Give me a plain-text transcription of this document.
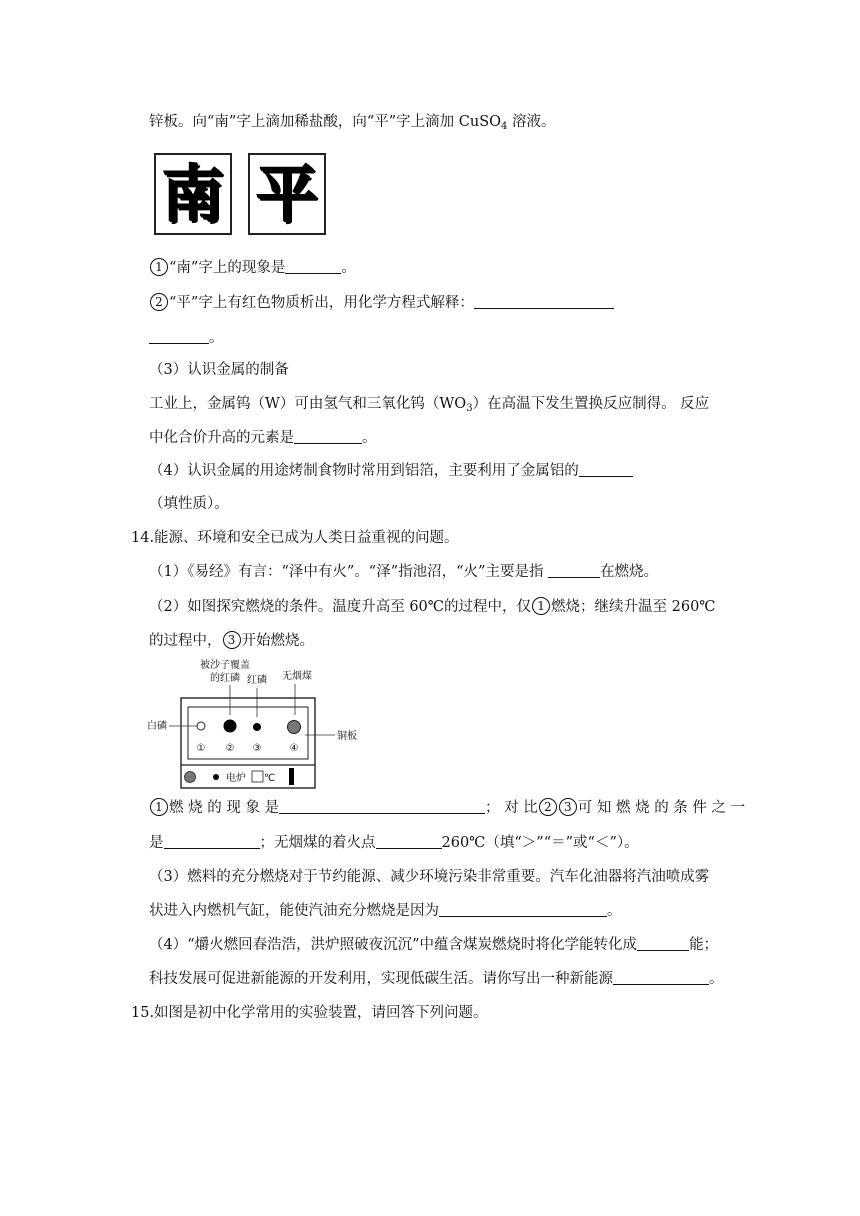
锌板。向“南”字上滴加稀盐酸，向“平”字上滴加 CuSO$_4$ 溶液。
南 平
1 “南”字上的现象是	。
2 “平”字上有红色物质析出，用化学方程式解释：
。
（3）认识金属的制备
工业上，金属钨（W）可由氢气和三氧化钨$(WO_3)$在高温下发生置换反应制得。 反应
中化合价升高的元素是	。
（4）认识金属的用途烤制食物时常用到铝箔，主要利用了金属铝的
（填性质）。
14.能源、环境和安全已成为人类日益重视的问题。
（1）《易经》有言：“泽中有火”。“泽”指池沼，“火”主要是指	在燃烧。
（2）如图探究燃烧的条件。温度升高至 60℃的过程中，仅 1 燃烧；继续升温至 260℃
的过程中， 3 开始燃烧。
被沙子覆盖
的红磷 红磷 无烟煤
白磷
铜板
① ② ③	④
电炉 ℃
1 燃 烧 的 现 象 是	； 对 比 2 3 可 知 燃 烧 的 条 件 之 一
是	；无烟煤的着火点	260℃（填“＞”“＝”或“＜”）。
（3）燃料的充分燃烧对于节约能源、减少环境污染非常重要。汽车化油器将汽油喷成雾
状进入内燃机气缸，能使汽油充分燃烧是因为	。
（4）“爝火燃回春浩浩，洪炉照破夜沉沉”中蕴含煤炭燃烧时将化学能转化成	能；
科技发展可促进新能源的开发利用，实现低碳生活。请你写出一种新能源	。
15.如图是初中化学常用的实验装置，请回答下列问题。
